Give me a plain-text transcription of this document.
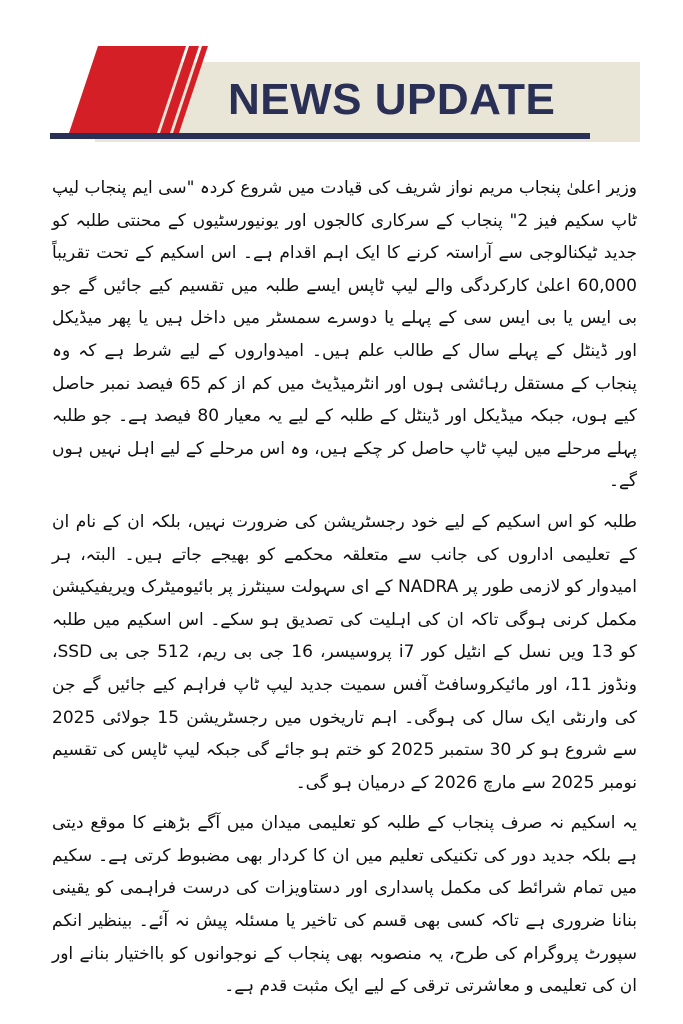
NEWS UPDATE

وزیر اعلیٰ پنجاب مریم نواز شریف کی قیادت میں شروع کردہ "سی ایم پنجاب لیپ ٹاپ سکیم فیز 2" پنجاب کے سرکاری کالجوں اور یونیورسٹیوں کے محنتی طلبہ کو جدید ٹیکنالوجی سے آراستہ کرنے کا ایک اہم اقدام ہے۔ اس اسکیم کے تحت تقریباً 60,000 اعلیٰ کارکردگی والے لیپ ٹاپس ایسے طلبہ میں تقسیم کیے جائیں گے جو بی ایس یا بی ایس سی کے پہلے یا دوسرے سمسٹر میں داخل ہیں یا پھر میڈیکل اور ڈینٹل کے پہلے سال کے طالب علم ہیں۔ امیدواروں کے لیے شرط ہے کہ وہ پنجاب کے مستقل رہائشی ہوں اور انٹرمیڈیٹ میں کم از کم 65 فیصد نمبر حاصل کیے ہوں، جبکہ میڈیکل اور ڈینٹل کے طلبہ کے لیے یہ معیار 80 فیصد ہے۔ جو طلبہ پہلے مرحلے میں لیپ ٹاپ حاصل کر چکے ہیں، وہ اس مرحلے کے لیے اہل نہیں ہوں گے۔

طلبہ کو اس اسکیم کے لیے خود رجسٹریشن کی ضرورت نہیں، بلکہ ان کے نام ان کے تعلیمی اداروں کی جانب سے متعلقہ محکمے کو بھیجے جاتے ہیں۔ البتہ، ہر امیدوار کو لازمی طور پر NADRA کے ای سہولت سینٹرز پر بائیومیٹرک ویریفیکیشن مکمل کرنی ہوگی تاکہ ان کی اہلیت کی تصدیق ہو سکے۔ اس اسکیم میں طلبہ کو 13 ویں نسل کے انٹیل کور i7 پروسیسر، 16 جی بی ریم، 512 جی بی SSD، ونڈوز 11، اور مائیکروسافٹ آفس سمیت جدید لیپ ٹاپ فراہم کیے جائیں گے جن کی وارنٹی ایک سال کی ہوگی۔ اہم تاریخوں میں رجسٹریشن 15 جولائی 2025 سے شروع ہو کر 30 ستمبر 2025 کو ختم ہو جائے گی جبکہ لیپ ٹاپس کی تقسیم نومبر 2025 سے مارچ 2026 کے درمیان ہو گی۔

یہ اسکیم نہ صرف پنجاب کے طلبہ کو تعلیمی میدان میں آگے بڑھنے کا موقع دیتی ہے بلکہ جدید دور کی تکنیکی تعلیم میں ان کا کردار بھی مضبوط کرتی ہے۔ سکیم میں تمام شرائط کی مکمل پاسداری اور دستاویزات کی درست فراہمی کو یقینی بنانا ضروری ہے تاکہ کسی بھی قسم کی تاخیر یا مسئلہ پیش نہ آئے۔ بینظیر انکم سپورٹ پروگرام کی طرح، یہ منصوبہ بھی پنجاب کے نوجوانوں کو بااختیار بنانے اور ان کی تعلیمی و معاشرتی ترقی کے لیے ایک مثبت قدم ہے۔
